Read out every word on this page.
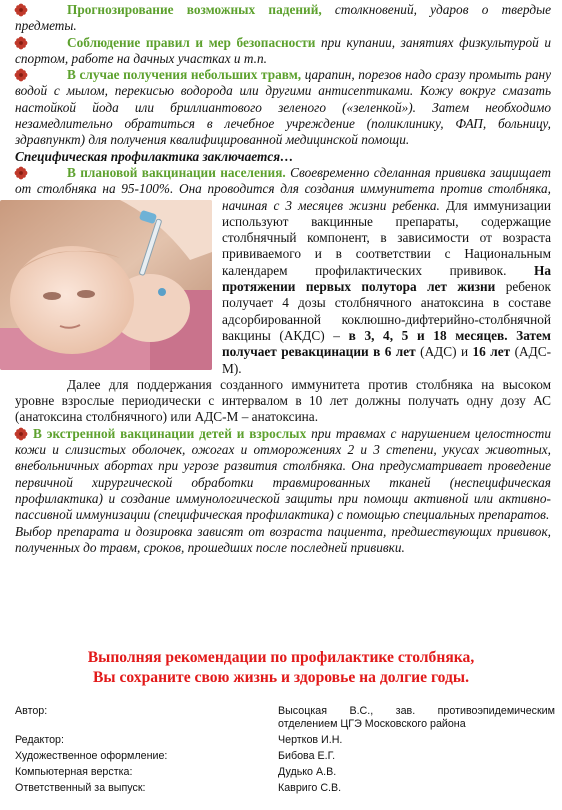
Прогнозирование возможных падений, столкновений, ударов о твердые предметы.

Соблюдение правил и мер безопасности при купании, занятиях физкультурой и спортом, работе на дачных участках и т.п.

В случае получения небольших травм, царапин, порезов надо сразу промыть рану водой с мылом, перекисью водорода или другими антисептиками. Кожу вокруг смазать настойкой йода или бриллиантового зеленого («зеленкой»). Затем необходимо незамедлительно обратиться в лечебное учреждение (поликлинику, ФАП, больницу, здравпункт) для получения квалифицированной медицинской помощи.

Специфическая профилактика заключается…

В плановой вакцинации населения. Своевременно сделанная прививка защищает от столбняка на 95-100%. Она проводится для создания иммунитета против столбняка, начиная с 3 месяцев жизни ребенка.
Для иммунизации используют вакцинные препараты, содержащие столбнячный компонент, в зависимости от возраста прививаемого и в соответствии с Национальным календарем профилактических прививок. На протяжении первых полутора лет жизни ребенок получает 4 дозы столбнячного анатоксина в составе адсорбированной коклюшно-дифтерийно-столбнячной вакцины (АКДС) – в 3, 4, 5 и 18 месяцев. Затем получает ревакцинации в 6 лет (АДС) и 16 лет (АДС-М).

Далее для поддержания созданного иммунитета против столбняка на высоком уровне взрослые периодически с интервалом в 10 лет должны получать одну дозу АС (анатоксина столбнячного) или АДС-М – анатоксина.

В экстренной вакцинации детей и взрослых при травмах с нарушением целостности кожи и слизистых оболочек, ожогах и отморожениях 2 и 3 степени, укусах животных, внебольничных абортах при угрозе развития столбняка. Она предусматривает проведение первичной хирургической обработки травмированных тканей (неспецифическая профилактика) и создание иммунологической защиты при помощи активной или активно-пассивной иммунизации (специфическая профилактика) с помощью специальных препаратов.

Выбор препарата и дозировка зависят от возраста пациента, предшествующих прививок, полученных до травм, сроков, прошедших после последней прививки.

Выполняя рекомендации по профилактике столбняка,
Вы сохраните свою жизнь и здоровье на долгие годы.
Автор:	Высоцкая В.С., зав. противоэпидемическим отделением ЦГЭ Московского района
Редактор:	Чертков И.Н.
Художественное оформление:	Бибова Е.Г.
Компьютерная верстка:	Дудько А.В.
Ответственный за выпуск:	Кавриго С.В.
